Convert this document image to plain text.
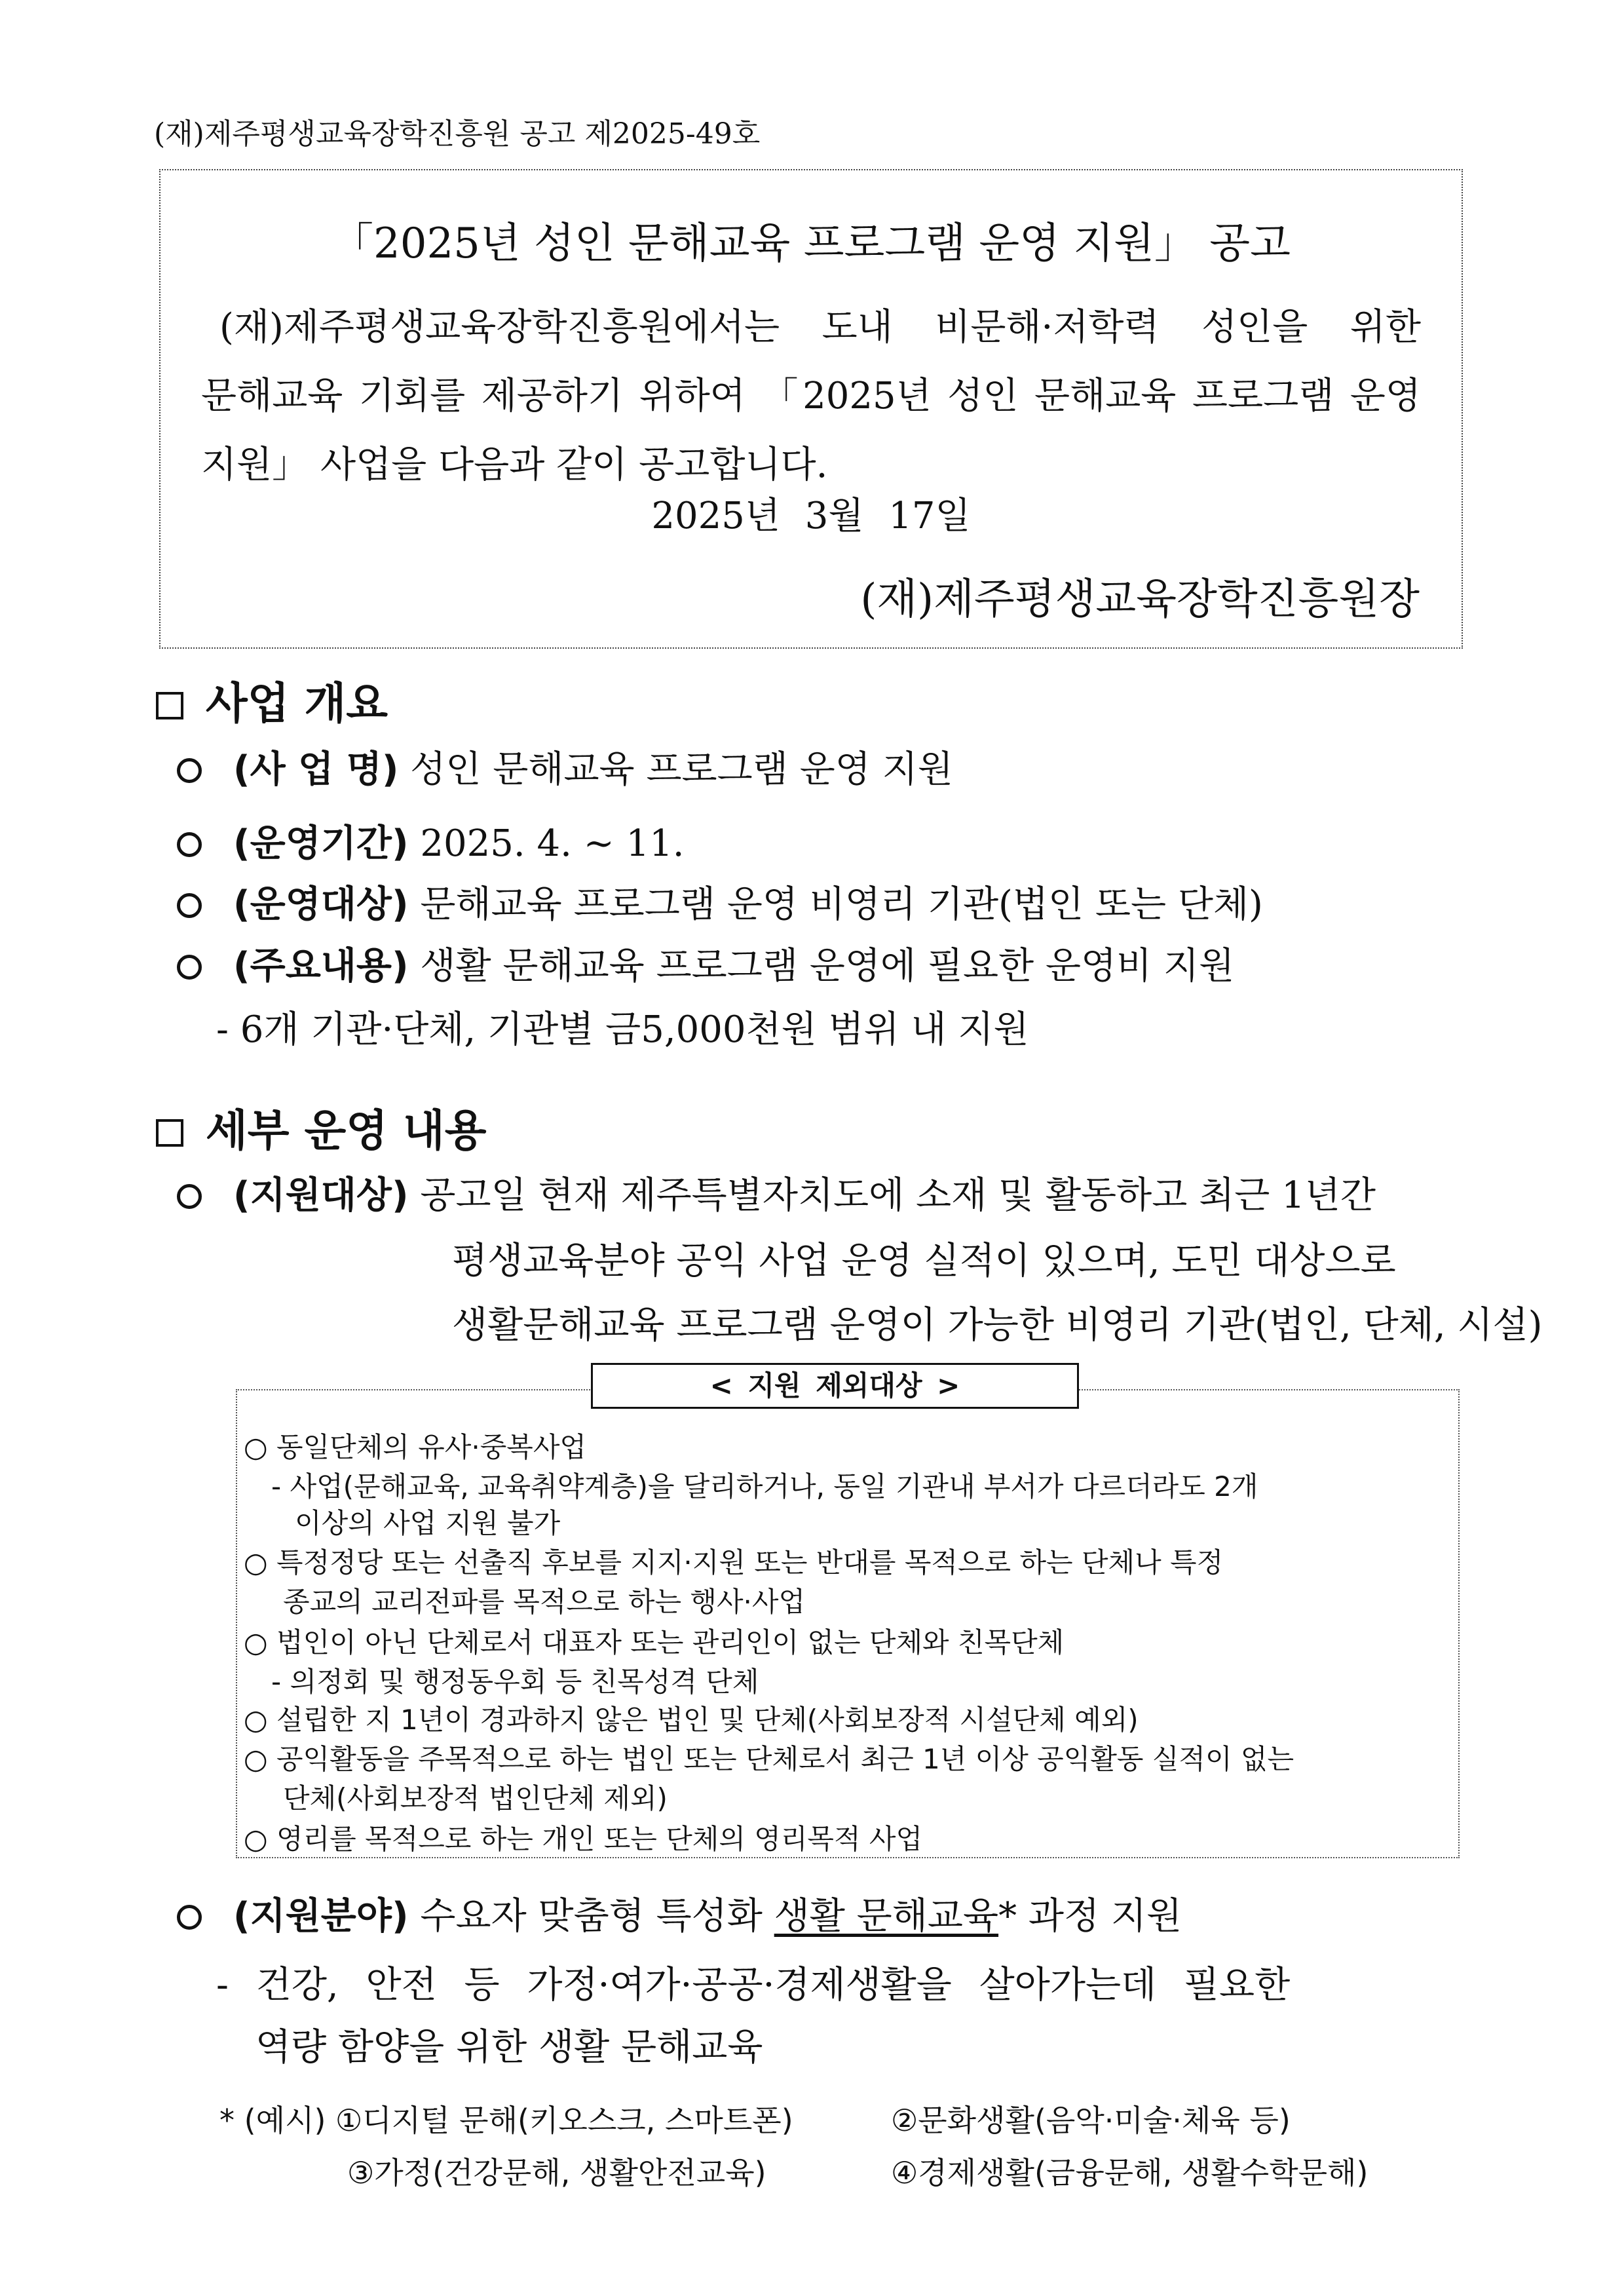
(재)제주평생교육장학진흥원 공고 제2025-49호
「2025년 성인 문해교육 프로그램 운영 지원」 공고
(재)제주평생교육장학진흥원에서는 도내 비문해·저학력 성인을 위한
문해교육 기회를 제공하기 위하여 「2025년 성인 문해교육 프로그램 운영
지원」 사업을 다음과 같이 공고합니다.
2025년 3월 17일
(재)제주평생교육장학진흥원장
사업 개요
(사 업 명) 성인 문해교육 프로그램 운영 지원
(운영기간) 2025. 4. ~ 11.
(운영대상) 문해교육 프로그램 운영 비영리 기관(법인 또는 단체)
(주요내용) 생활 문해교육 프로그램 운영에 필요한 운영비 지원
- 6개 기관·단체, 기관별 금5,000천원 범위 내 지원
세부 운영 내용
(지원대상) 공고일 현재 제주특별자치도에 소재 및 활동하고 최근 1년간
평생교육분야 공익 사업 운영 실적이 있으며, 도민 대상으로
생활문해교육 프로그램 운영이 가능한 비영리 기관(법인, 단체, 시설)
< 지원 제외대상 >
○ 동일단체의 유사·중복사업
- 사업(문해교육, 교육취약계층)을 달리하거나, 동일 기관내 부서가 다르더라도 2개
이상의 사업 지원 불가
○ 특정정당 또는 선출직 후보를 지지·지원 또는 반대를 목적으로 하는 단체나 특정
종교의 교리전파를 목적으로 하는 행사·사업
○ 법인이 아닌 단체로서 대표자 또는 관리인이 없는 단체와 친목단체
- 의정회 및 행정동우회 등 친목성격 단체
○ 설립한 지 1년이 경과하지 않은 법인 및 단체(사회보장적 시설단체 예외)
○ 공익활동을 주목적으로 하는 법인 또는 단체로서 최근 1년 이상 공익활동 실적이 없는
단체(사회보장적 법인단체 제외)
○ 영리를 목적으로 하는 개인 또는 단체의 영리목적 사업
(지원분야) 수요자 맞춤형 특성화 생활 문해교육* 과정 지원
- 건강, 안전 등 가정·여가·공공·경제생활을 살아가는데 필요한
역량 함양을 위한 생활 문해교육
* (예시) ①디지털 문해(키오스크, 스마트폰)	②문화생활(음악·미술·체육 등)
③가정(건강문해, 생활안전교육)	④경제생활(금융문해, 생활수학문해)
